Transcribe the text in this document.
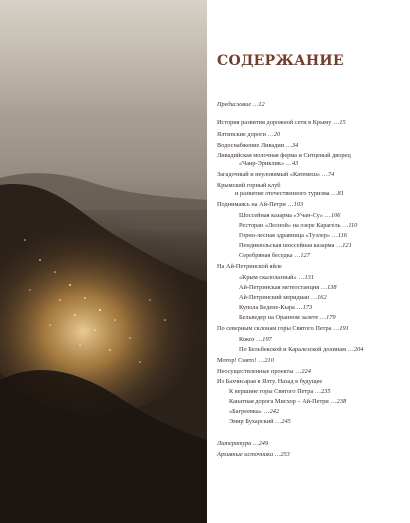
СОДЕРЖАНИЕ
Предисловие …12
История развития дорожной сети в Крыму …15
Ялтинские дороги …20
Водоснабжение Ливадии …34
Ливадийская молочная ферма и Ситцевый дворец
«Чаир-Эриклик» …43
Загадочный и неуловимый «Катемеш» …74
Крымский горный клуб
и развитие отечественного туризма …81
Поднимаясь на Ай-Петри …103
Шоссейная казарма «Учан-Су» …106
Ресторан «Лесной» на озере Карагель …110
Горно-лесная здравница «Тузлер» …116
Пендикюльская шоссейная казарма …121
Серебряная беседка …127
На Ай-Петринской яйле
«Крым скалолазный» …131
Ай-Петринская метеостанция …138
Ай-Петринский меридиан …162
Купола Беденe-Кыра …173
Бельведер на Оранном залете …179
По северным склонам горы Святого Петра …191
Кокоз …197
По Бельбекской и Каралезской долинам …204
Мотор! Снято! …210
Неосуществленные проекты …224
Из Бахчисарая в Ялту. Назад в будущее
К вершине горы Святого Петра …235
Канатная дорога Мисхор – Ай-Петри …238
«Багреевка» …242
Эмир Бухарский …245
Литература …249
Архивные источники …253
